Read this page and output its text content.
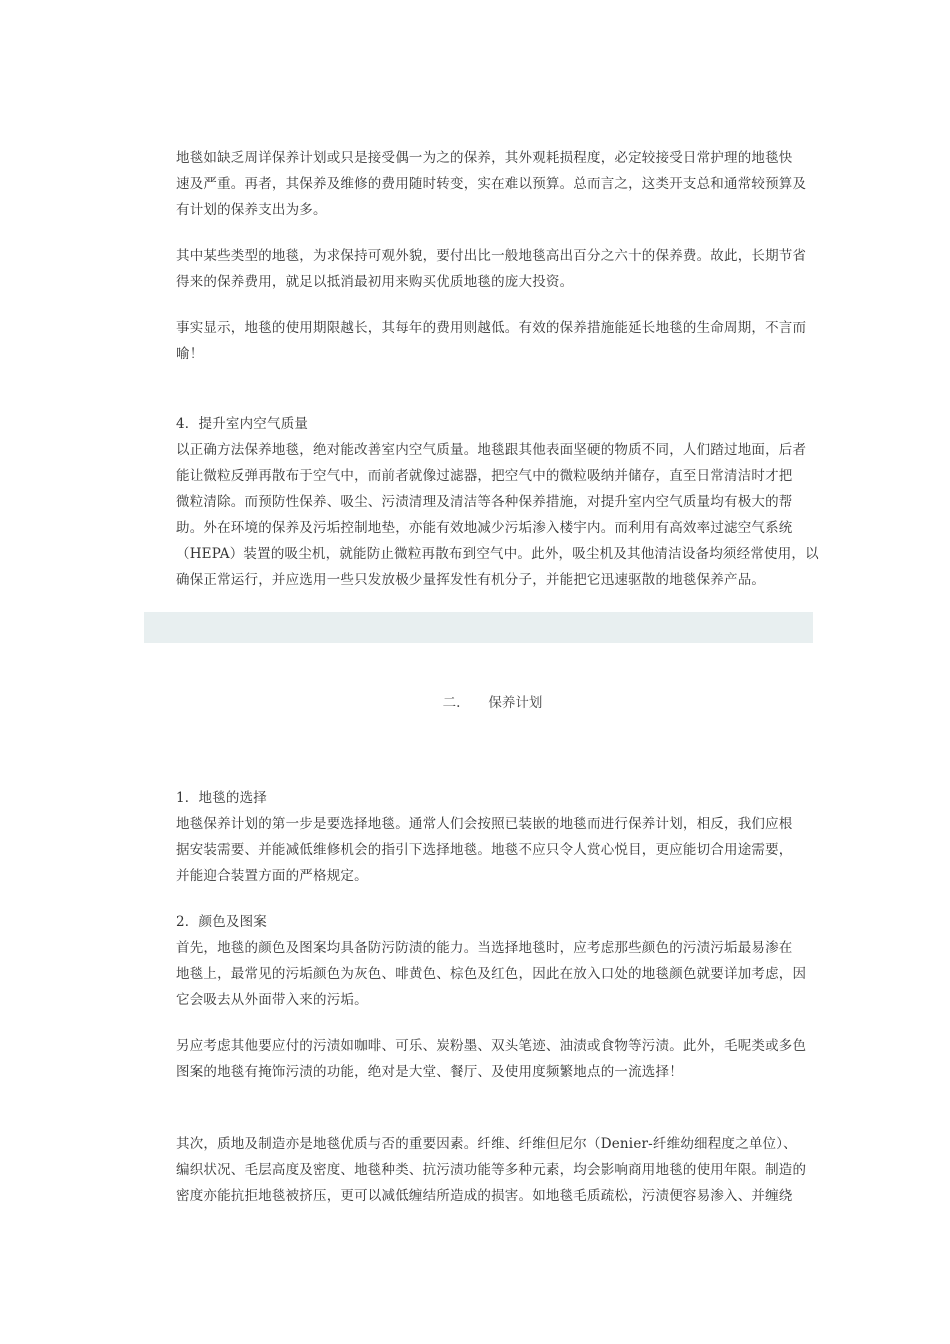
地毯如缺乏周详保养计划或只是接受偶一为之的保养，其外观耗损程度，必定较接受日常护理的地毯快

速及严重。再者，其保养及维修的费用随时转变，实在难以预算。总而言之，这类开支总和通常较预算及

有计划的保养支出为多。

其中某些类型的地毯，为求保持可观外貌，要付出比一般地毯高出百分之六十的保养费。故此，长期节省

得来的保养费用，就足以抵消最初用来购买优质地毯的庞大投资。

事实显示，地毯的使用期限越长，其每年的费用则越低。有效的保养措施能延长地毯的生命周期，不言而

喻！

4．提升室内空气质量

以正确方法保养地毯，绝对能改善室内空气质量。地毯跟其他表面坚硬的物质不同，人们踏过地面，后者

能让微粒反弹再散布于空气中，而前者就像过滤器，把空气中的微粒吸纳并储存，直至日常清洁时才把

微粒清除。而预防性保养、吸尘、污渍清理及清洁等各种保养措施，对提升室内空气质量均有极大的帮

助。外在环境的保养及污垢控制地垫，亦能有效地减少污垢渗入楼宇内。而利用有高效率过滤空气系统

（HEPA）装置的吸尘机，就能防止微粒再散布到空气中。此外，吸尘机及其他清洁设备均须经常使用，以

确保正常运行，并应选用一些只发放极少量挥发性有机分子，并能把它迅速驱散的地毯保养产品。

二. 保养计划

1．地毯的选择

地毯保养计划的第一步是要选择地毯。通常人们会按照已装嵌的地毯而进行保养计划，相反，我们应根

据安装需要、并能减低维修机会的指引下选择地毯。地毯不应只令人赏心悦目，更应能切合用途需要，

并能迎合装置方面的严格规定。

2．颜色及图案

首先，地毯的颜色及图案均具备防污防渍的能力。当选择地毯时，应考虑那些颜色的污渍污垢最易渗在

地毯上，最常见的污垢颜色为灰色、啡黄色、棕色及红色，因此在放入口处的地毯颜色就要详加考虑，因

它会吸去从外面带入来的污垢。

另应考虑其他要应付的污渍如咖啡、可乐、炭粉墨、双头笔迹、油渍或食物等污渍。此外，毛呢类或多色

图案的地毯有掩饰污渍的功能，绝对是大堂、餐厅、及使用度频繁地点的一流选择！

其次，质地及制造亦是地毯优质与否的重要因素。纤维、纤维但尼尔（Denier-纤维幼细程度之单位）、

编织状况、毛层高度及密度、地毯种类、抗污渍功能等多种元素，均会影响商用地毯的使用年限。制造的

密度亦能抗拒地毯被挤压，更可以减低缠结所造成的损害。如地毯毛质疏松，污渍便容易渗入、并缠绕
